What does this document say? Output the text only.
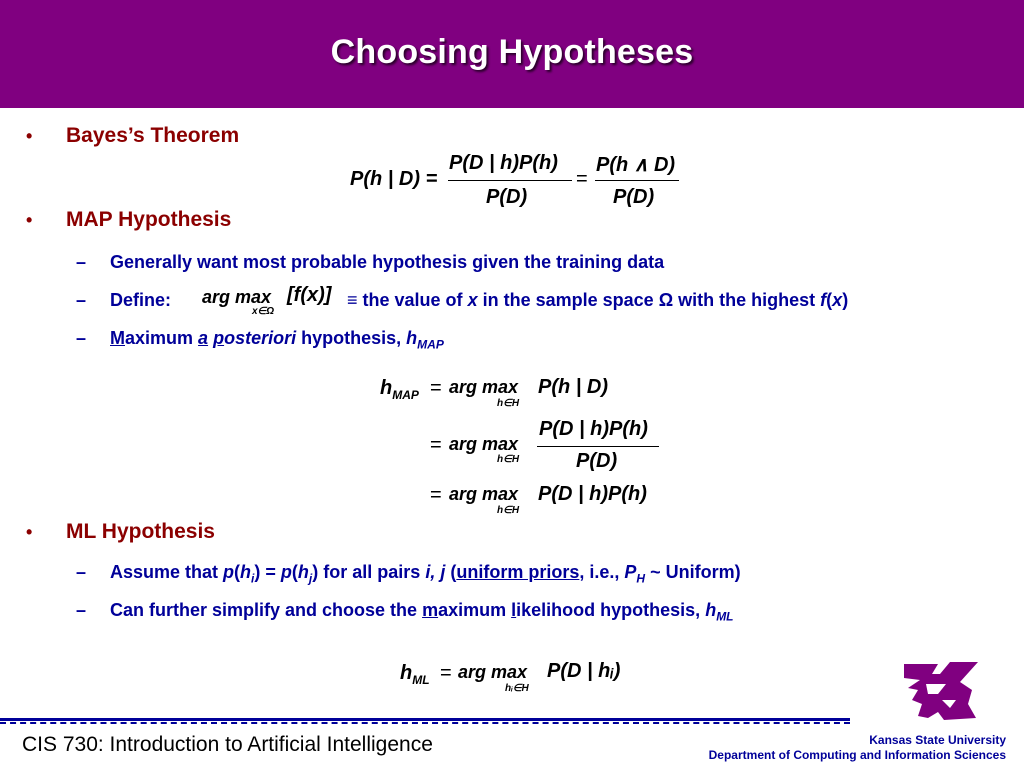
Choosing Hypotheses
• Bayes’s Theorem
P(h | D) =
P(D | h)P(h)
P(D)
=
P(h ∧ D)
P(D)
• MAP Hypothesis
– Generally want most probable hypothesis given the training data
– Define: arg max
x∈Ω
[f(x)] ≡ the value of x in the sample space Ω with the highest f(x)
– Maximum a posteriori hypothesis, $h_{MAP}$
$h_{MAP}$ = arg max
h∈H
P(h | D)
= arg max
h∈H
P(D | h)P(h)
P(D)
= arg max
h∈H
P(D | h)P(h)
• ML Hypothesis
– Assume that $p(h_i) = p(h_j)$ for all pairs i, j (uniform priors, i.e., $P_H$ ~ Uniform)
– Can further simplify and choose the maximum likelihood hypothesis, $h_{ML}$
$h_{ML}$ = arg max
hᵢ∈H
P(D | hᵢ)
CIS 730: Introduction to Artificial Intelligence	Kansas State University
Department of Computing and Information Sciences
